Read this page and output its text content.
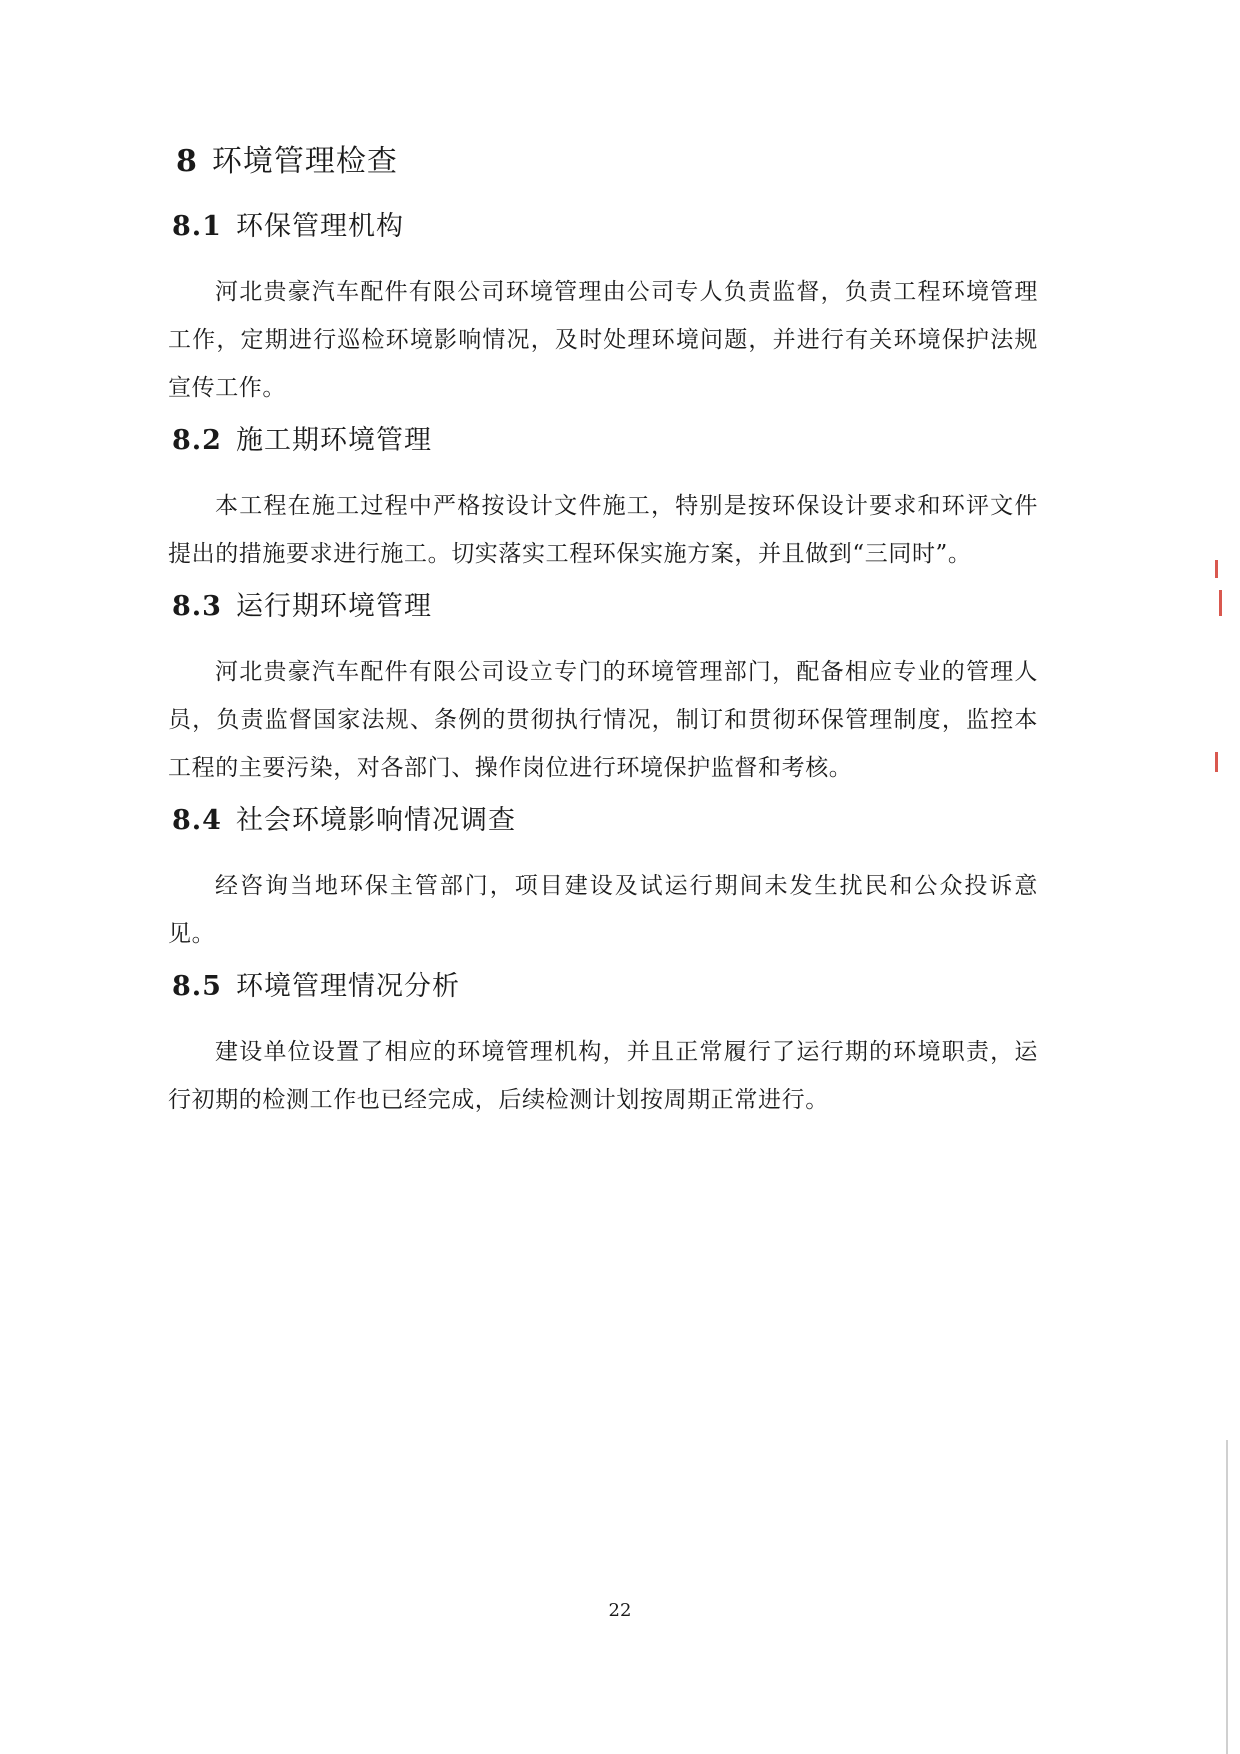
8 环境管理检查
8.1 环保管理机构

河北贵豪汽车配件有限公司环境管理由公司专人负责监督，负责工程环境管理工作，定期进行巡检环境影响情况，及时处理环境问题，并进行有关环境保护法规宣传工作。

8.2 施工期环境管理

本工程在施工过程中严格按设计文件施工，特别是按环保设计要求和环评文件提出的措施要求进行施工。切实落实工程环保实施方案，并且做到“三同时”。

8.3 运行期环境管理

河北贵豪汽车配件有限公司设立专门的环境管理部门，配备相应专业的管理人员，负责监督国家法规、条例的贯彻执行情况，制订和贯彻环保管理制度，监控本工程的主要污染，对各部门、操作岗位进行环境保护监督和考核。

8.4 社会环境影响情况调查

经咨询当地环保主管部门，项目建设及试运行期间未发生扰民和公众投诉意见。

8.5 环境管理情况分析

建设单位设置了相应的环境管理机构，并且正常履行了运行期的环境职责，运行初期的检测工作也已经完成，后续检测计划按周期正常进行。

22
